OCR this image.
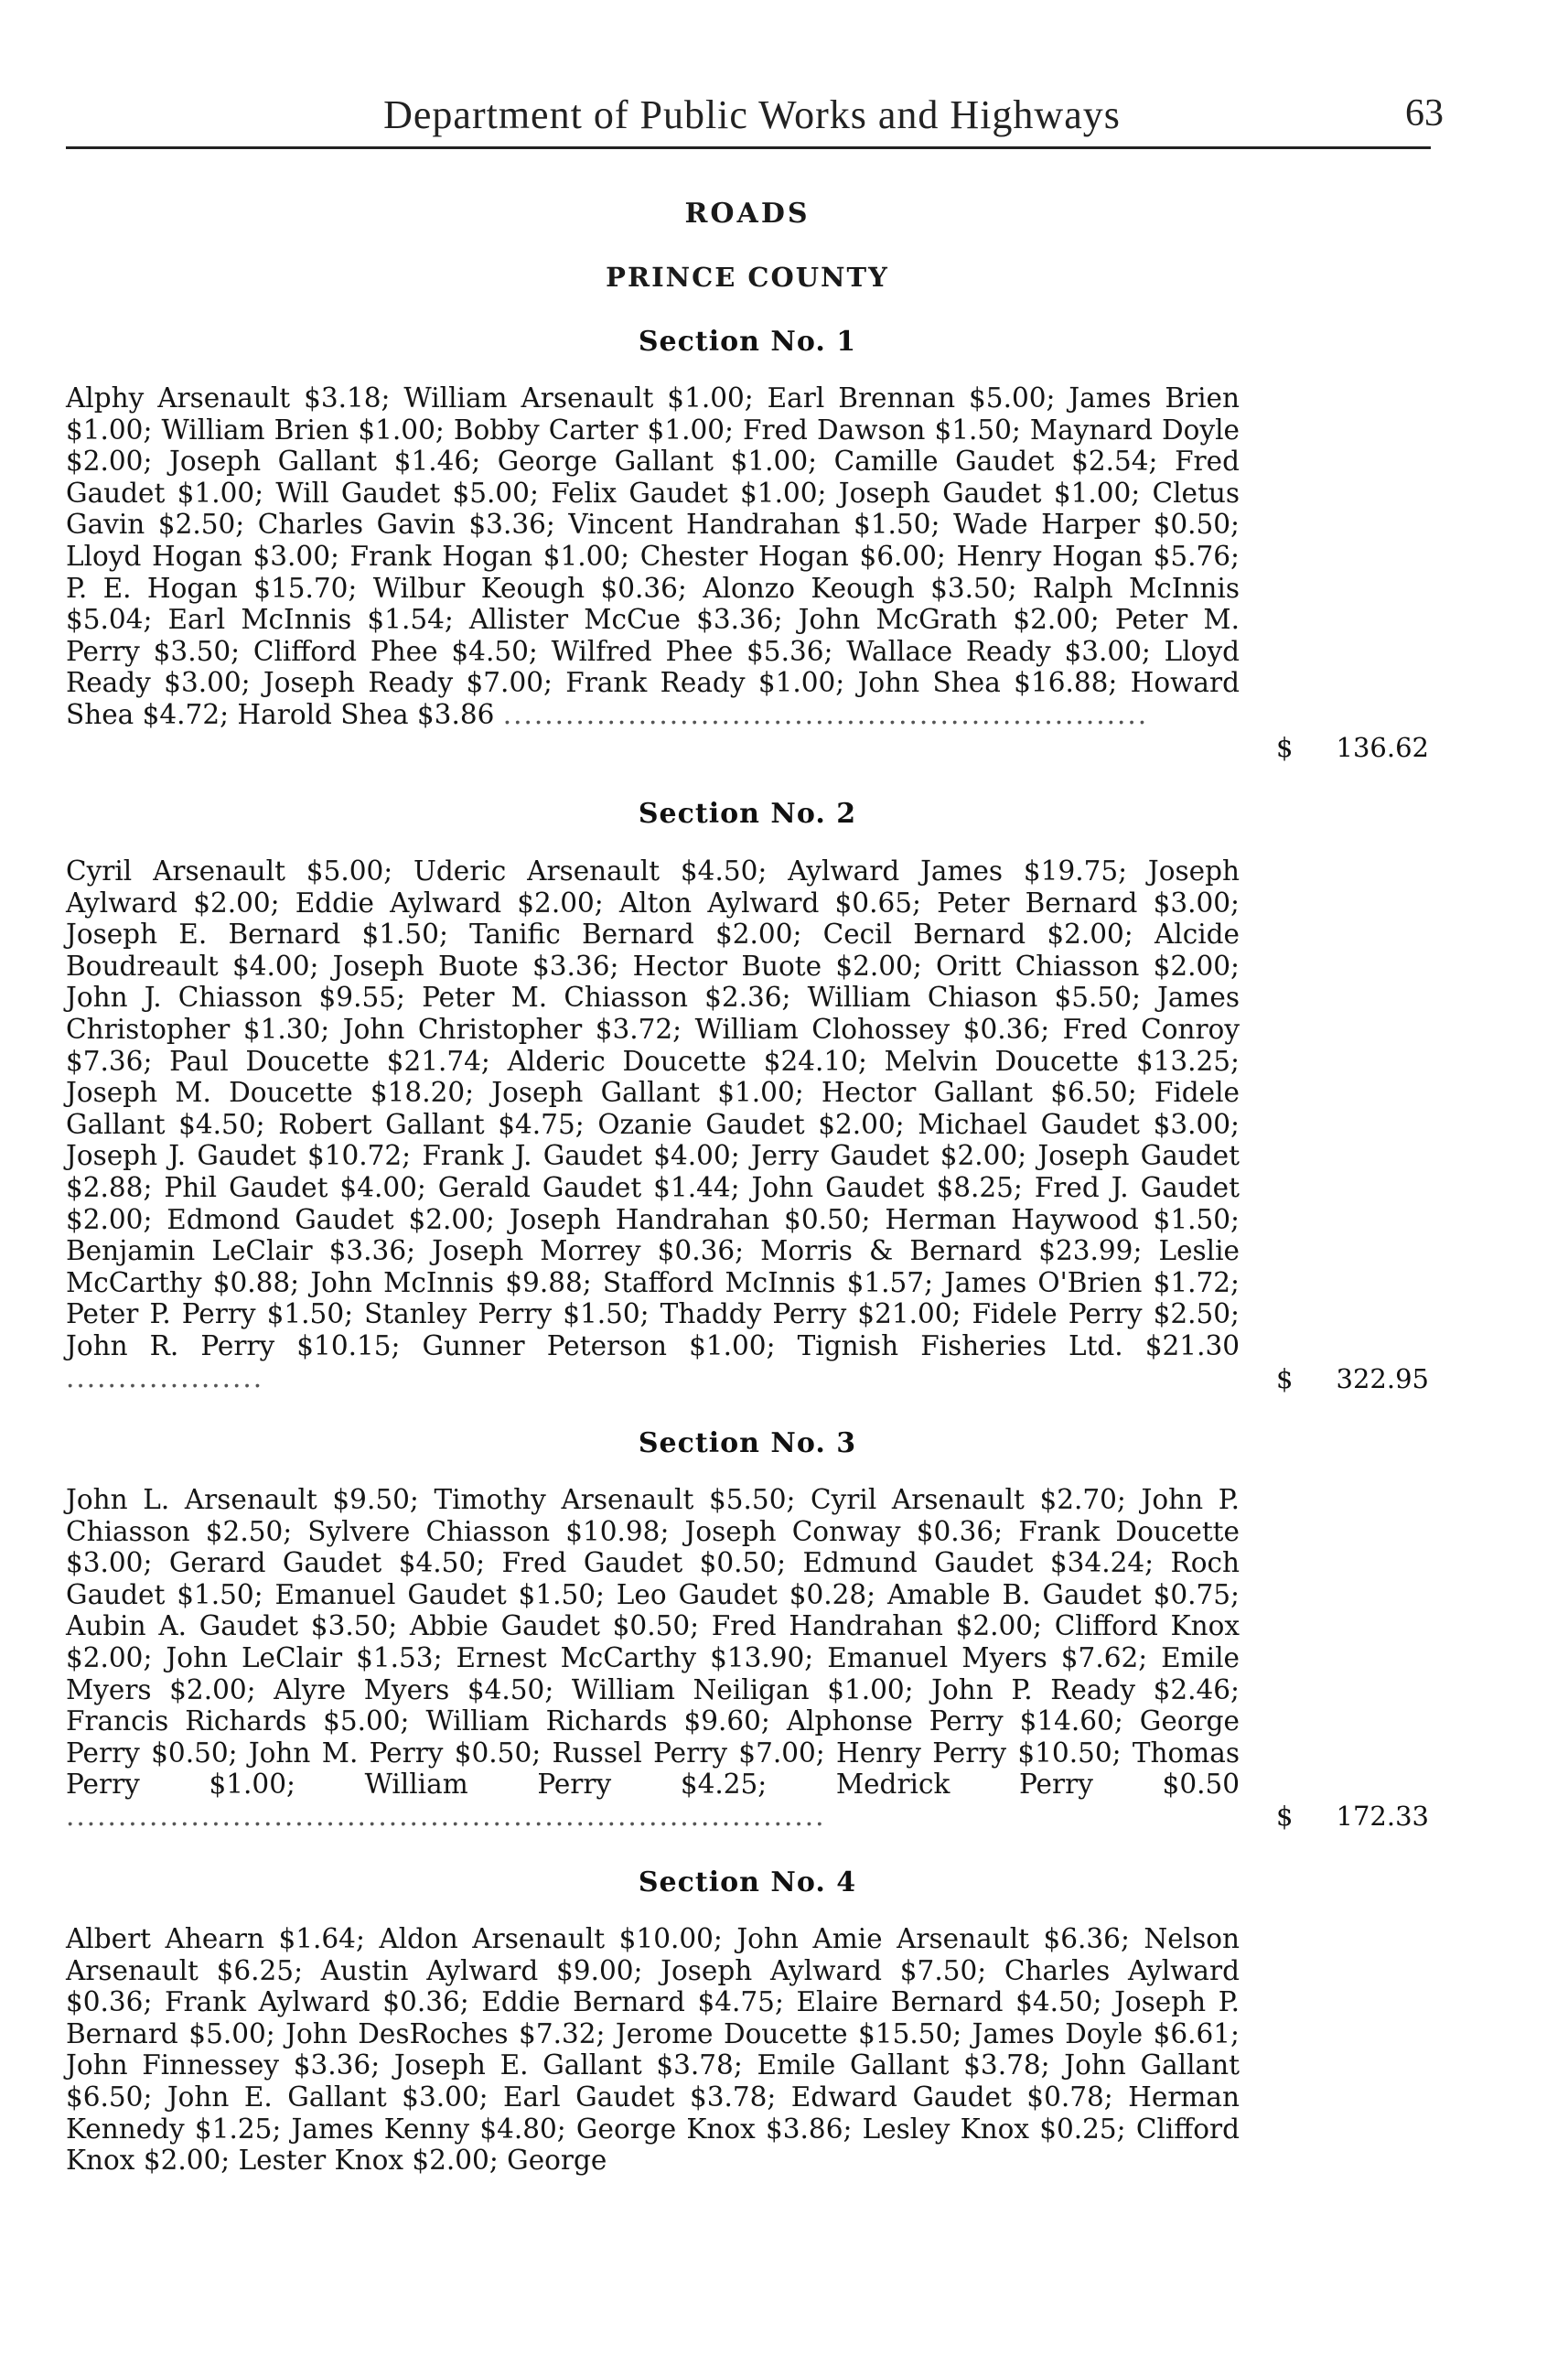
Department of Public Works and Highways	63
ROADS
PRINCE COUNTY
Section No. 1
Alphy Arsenault $3.18; William Arsenault $1.00; Earl Brennan $5.00; James Brien $1.00; William Brien $1.00; Bobby Carter $1.00; Fred Dawson $1.50; Maynard Doyle $2.00; Joseph Gallant $1.46; George Gallant $1.00; Camille Gaudet $2.54; Fred Gaudet $1.00; Will Gaudet $5.00; Felix Gaudet $1.00; Joseph Gaudet $1.00; Cletus Gavin $2.50; Charles Gavin $3.36; Vincent Handrahan $1.50; Wade Harper $0.50; Lloyd Hogan $3.00; Frank Hogan $1.00; Chester Hogan $6.00; Henry Hogan $5.76; P. E. Hogan $15.70; Wilbur Keough $0.36; Alonzo Keough $3.50; Ralph McInnis $5.04; Earl McInnis $1.54; Allister McCue $3.36; John McGrath $2.00; Peter M. Perry $3.50; Clifford Phee $4.50; Wilfred Phee $5.36; Wallace Ready $3.00; Lloyd Ready $3.00; Joseph Ready $7.00; Frank Ready $1.00; John Shea $16.88; Howard Shea $4.72; Harold Shea $3.86 ..............................................................
$	136.62
Section No. 2
Cyril Arsenault $5.00; Uderic Arsenault $4.50; Aylward James $19.75; Joseph Aylward $2.00; Eddie Aylward $2.00; Alton Aylward $0.65; Peter Bernard $3.00; Joseph E. Bernard $1.50; Tanific Bernard $2.00; Cecil Bernard $2.00; Alcide Boudreault $4.00; Joseph Buote $3.36; Hector Buote $2.00; Oritt Chiasson $2.00; John J. Chiasson $9.55; Peter M. Chiasson $2.36; William Chiason $5.50; James Christopher $1.30; John Christopher $3.72; William Clohossey $0.36; Fred Conroy $7.36; Paul Doucette $21.74; Alderic Doucette $24.10; Melvin Doucette $13.25; Joseph M. Doucette $18.20; Joseph Gallant $1.00; Hector Gallant $6.50; Fidele Gallant $4.50; Robert Gallant $4.75; Ozanie Gaudet $2.00; Michael Gaudet $3.00; Joseph J. Gaudet $10.72; Frank J. Gaudet $4.00; Jerry Gaudet $2.00; Joseph Gaudet $2.88; Phil Gaudet $4.00; Gerald Gaudet $1.44; John Gaudet $8.25; Fred J. Gaudet $2.00; Edmond Gaudet $2.00; Joseph Handrahan $0.50; Herman Haywood $1.50; Benjamin LeClair $3.36; Joseph Morrey $0.36; Morris & Bernard $23.99; Leslie McCarthy $0.88; John McInnis $9.88; Stafford McInnis $1.57; James O'Brien $1.72; Peter P. Perry $1.50; Stanley Perry $1.50; Thaddy Perry $21.00; Fidele Perry $2.50; John R. Perry $10.15; Gunner Peterson $1.00; Tignish Fisheries Ltd. $21.30 ...................	$	322.95
Section No. 3
John L. Arsenault $9.50; Timothy Arsenault $5.50; Cyril Arsenault $2.70; John P. Chiasson $2.50; Sylvere Chiasson $10.98; Joseph Conway $0.36; Frank Doucette $3.00; Gerard Gaudet $4.50; Fred Gaudet $0.50; Edmund Gaudet $34.24; Roch Gaudet $1.50; Emanuel Gaudet $1.50; Leo Gaudet $0.28; Amable B. Gaudet $0.75; Aubin A. Gaudet $3.50; Abbie Gaudet $0.50; Fred Handrahan $2.00; Clifford Knox $2.00; John LeClair $1.53; Ernest McCarthy $13.90; Emanuel Myers $7.62; Emile Myers $2.00; Alyre Myers $4.50; William Neiligan $1.00; John P. Ready $2.46; Francis Richards $5.00; William Richards $9.60; Alphonse Perry $14.60; George Perry $0.50; John M. Perry $0.50; Russel Perry $7.00; Henry Perry $10.50; Thomas Perry $1.00; William Perry $4.25; Medrick Perry $0.50 .........................................................................	$	172.33
Section No. 4
Albert Ahearn $1.64; Aldon Arsenault $10.00; John Amie Arsenault $6.36; Nelson Arsenault $6.25; Austin Aylward $9.00; Joseph Aylward $7.50; Charles Aylward $0.36; Frank Aylward $0.36; Eddie Bernard $4.75; Elaire Bernard $4.50; Joseph P. Bernard $5.00; John DesRoches $7.32; Jerome Doucette $15.50; James Doyle $6.61; John Finnessey $3.36; Joseph E. Gallant $3.78; Emile Gallant $3.78; John Gallant $6.50; John E. Gallant $3.00; Earl Gaudet $3.78; Edward Gaudet $0.78; Herman Kennedy $1.25; James Kenny $4.80; George Knox $3.86; Lesley Knox $0.25; Clifford Knox $2.00; Lester Knox $2.00; George
